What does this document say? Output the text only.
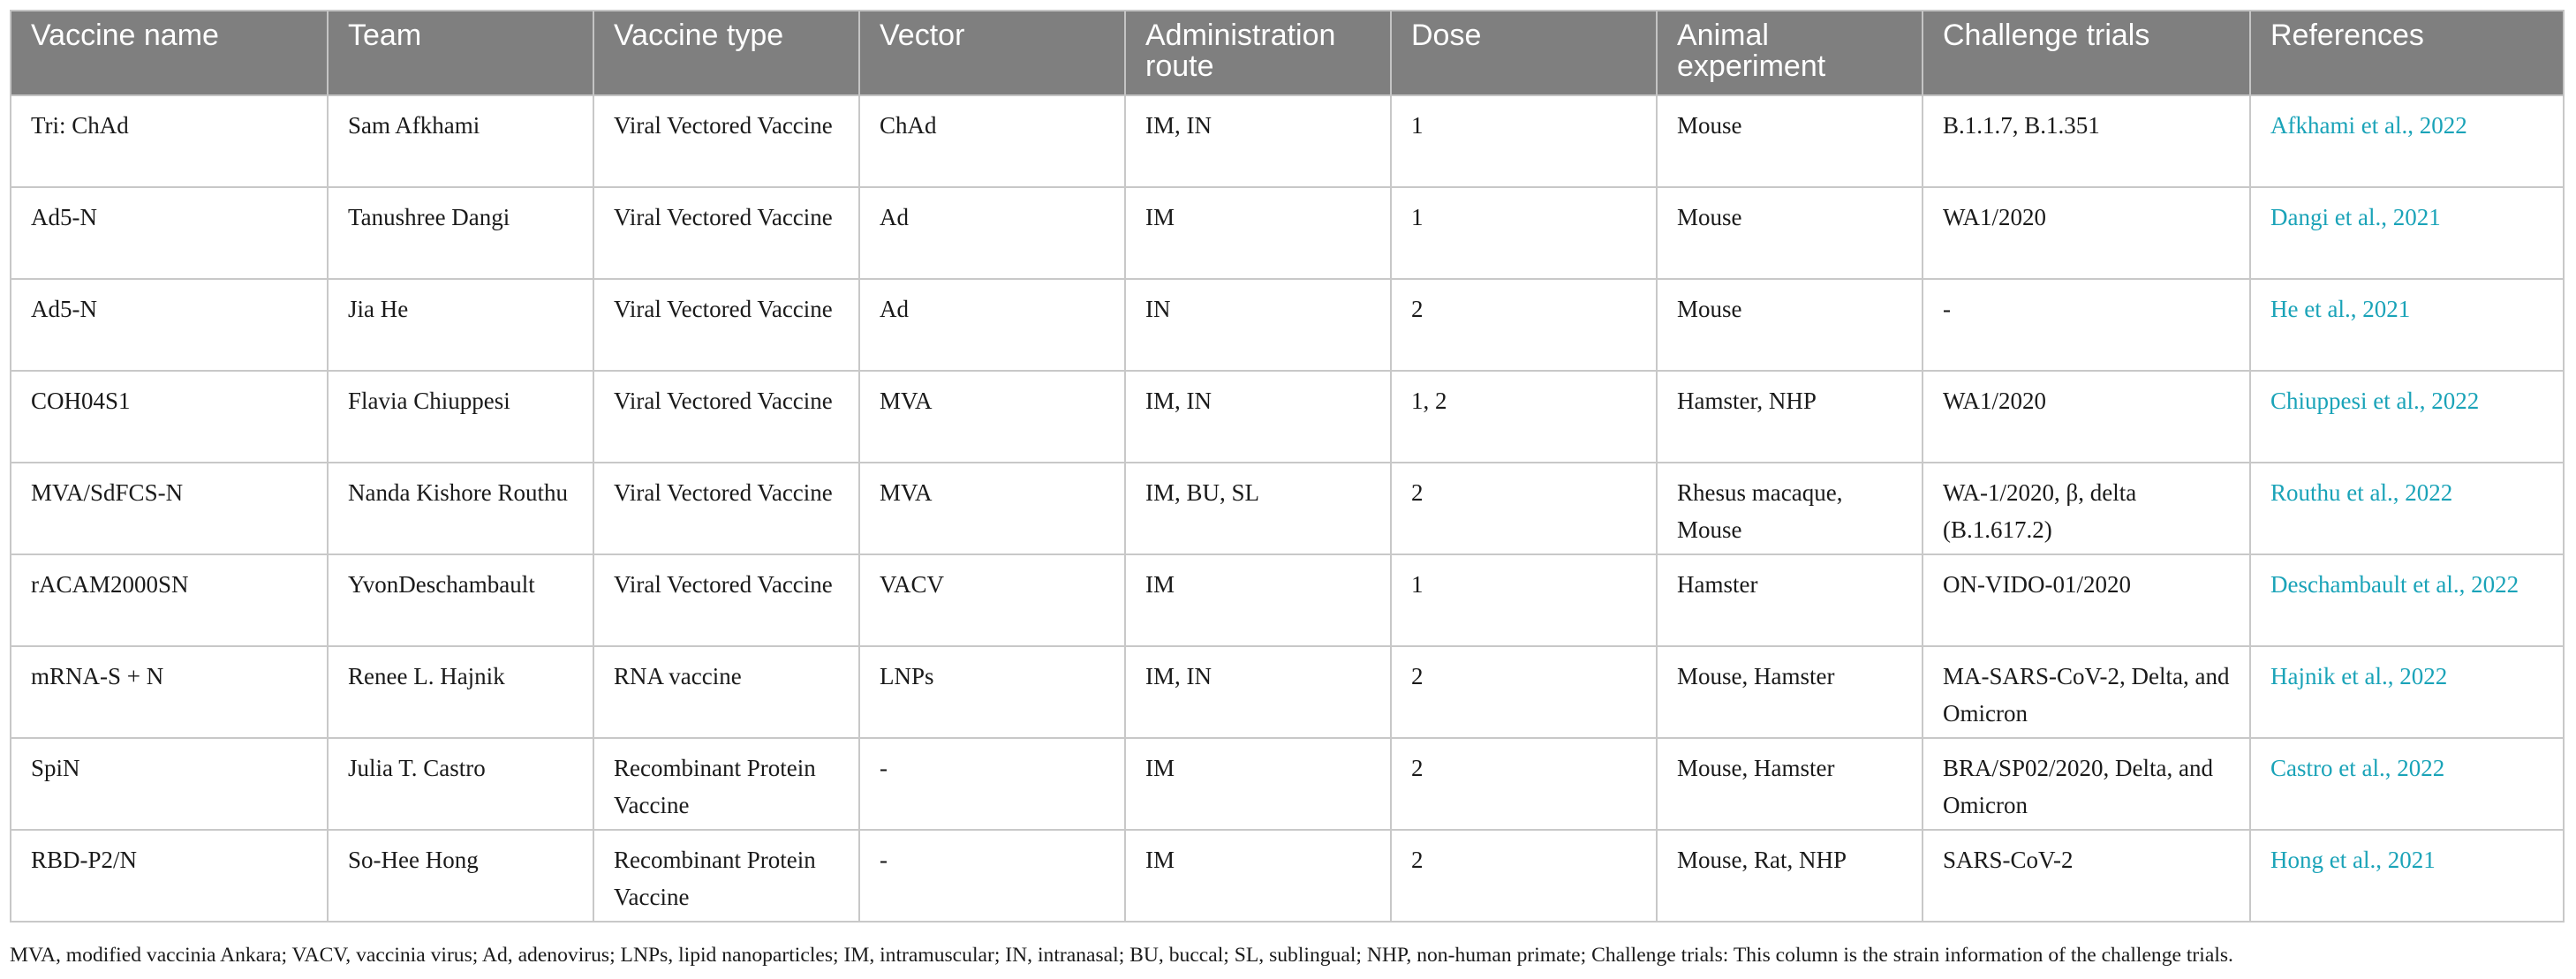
Vaccine name	Team	Vaccine type	Vector	Administration route	Dose	Animal experiment	Challenge trials	References
Tri: ChAd	Sam Afkhami	Viral Vectored Vaccine	ChAd	IM, IN	1	Mouse	B.1.1.7, B.1.351	Afkhami et al., 2022
Ad5-N	Tanushree Dangi	Viral Vectored Vaccine	Ad	IM	1	Mouse	WA1/2020	Dangi et al., 2021
Ad5-N	Jia He	Viral Vectored Vaccine	Ad	IN	2	Mouse	-	He et al., 2021
COH04S1	Flavia Chiuppesi	Viral Vectored Vaccine	MVA	IM, IN	1, 2	Hamster, NHP	WA1/2020	Chiuppesi et al., 2022
MVA/SdFCS-N	Nanda Kishore Routhu	Viral Vectored Vaccine	MVA	IM, BU, SL	2	Rhesus macaque, Mouse	WA-1/2020, β, delta (B.1.617.2)	Routhu et al., 2022
rACAM2000SN	YvonDeschambault	Viral Vectored Vaccine	VACV	IM	1	Hamster	ON-VIDO-01/2020	Deschambault et al., 2022
mRNA-S + N	Renee L. Hajnik	RNA vaccine	LNPs	IM, IN	2	Mouse, Hamster	MA-SARS-CoV-2, Delta, and Omicron	Hajnik et al., 2022
SpiN	Julia T. Castro	Recombinant Protein Vaccine	-	IM	2	Mouse, Hamster	BRA/SP02/2020, Delta, and Omicron	Castro et al., 2022
RBD-P2/N	So-Hee Hong	Recombinant Protein Vaccine	-	IM	2	Mouse, Rat, NHP	SARS-CoV-2	Hong et al., 2021
MVA, modified vaccinia Ankara; VACV, vaccinia virus; Ad, adenovirus; LNPs, lipid nanoparticles; IM, intramuscular; IN, intranasal; BU, buccal; SL, sublingual; NHP, non-human primate; Challenge trials: This column is the strain information of the challenge trials.
